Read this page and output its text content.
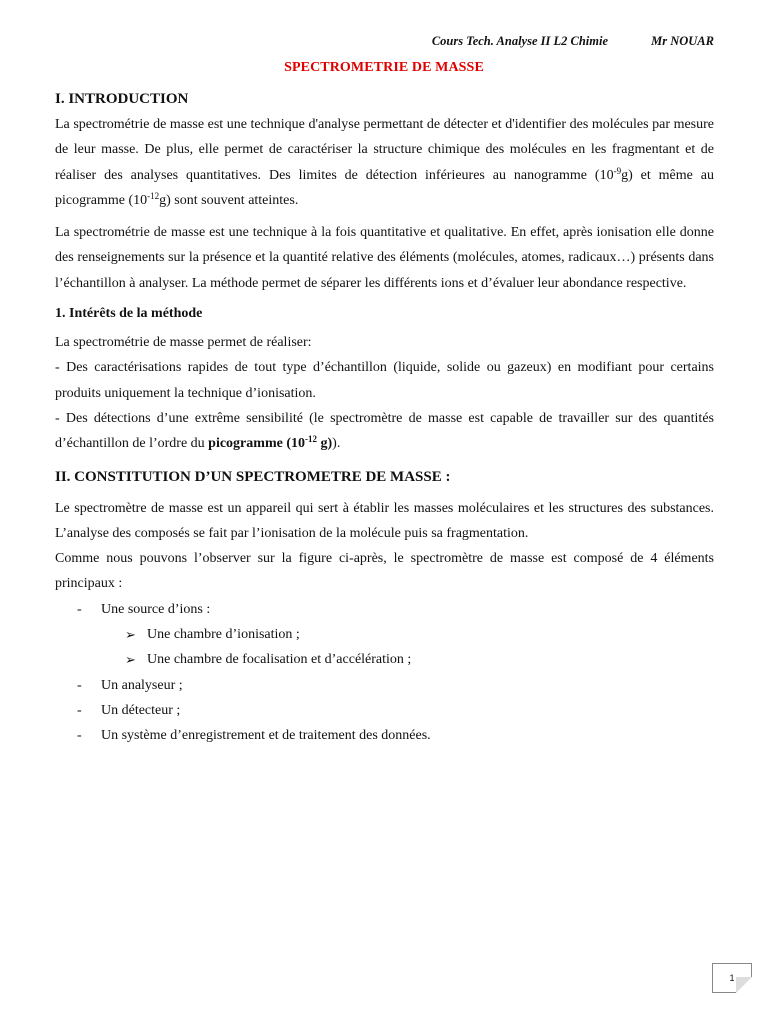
Cours Tech. Analyse II L2 Chimie	Mr NOUAR
SPECTROMETRIE DE MASSE
I. INTRODUCTION

La spectrométrie de masse est une technique d'analyse permettant de détecter et d'identifier des molécules par mesure de leur masse. De plus, elle permet de caractériser la structure chimique des molécules en les fragmentant et de réaliser des analyses quantitatives. Des limites de détection inférieures au nanogramme $(10^{-9}g)$ et même au picogramme $(10^{-12}g)$ sont souvent atteintes.

La spectrométrie de masse est une technique à la fois quantitative et qualitative. En effet, après ionisation elle donne des renseignements sur la présence et la quantité relative des éléments (molécules, atomes, radicaux…) présents dans l’échantillon à analyser. La méthode permet de séparer les différents ions et d’évaluer leur abondance respective.

1. Intérêts de la méthode

La spectrométrie de masse permet de réaliser:

- Des caractérisations rapides de tout type d’échantillon (liquide, solide ou gazeux) en modifiant pour certains produits uniquement la technique d’ionisation.

- Des détections d’une extrême sensibilité (le spectromètre de masse est capable de travailler sur des quantités d’échantillon de l’ordre du picogramme ($10^{-12}$ g)).

II. CONSTITUTION D’UN SPECTROMETRE DE MASSE :

Le spectromètre de masse est un appareil qui sert à établir les masses moléculaires et les structures des substances. L’analyse des composés se fait par l’ionisation de la molécule puis sa fragmentation.

Comme nous pouvons l’observer sur la figure ci-après, le spectromètre de masse est composé de 4 éléments principaux :

- Une source d’ions :
➢ Une chambre d’ionisation ;
➢ Une chambre de focalisation et d’accélération ;
- Un analyseur ;
- Un détecteur ;
- Un système d’enregistrement et de traitement des données.
1
